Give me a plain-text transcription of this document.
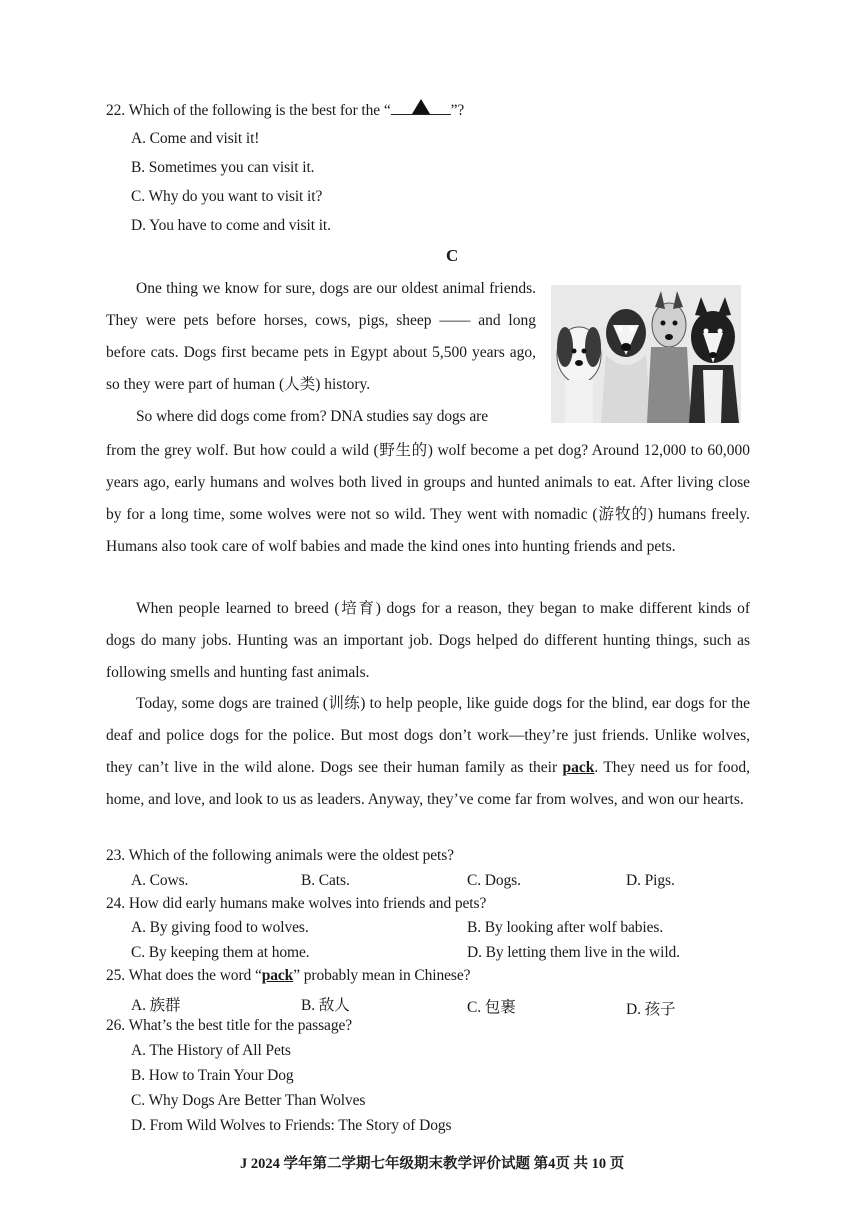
22. Which of the following is the best for the “	”?
A. Come and visit it!
B. Sometimes you can visit it.
C. Why do you want to visit it?
D. You have to come and visit it.
C
One thing we know for sure, dogs are our oldest animal friends. They were pets before horses, cows, pigs, sheep —— and long before cats. Dogs first became pets in Egypt about 5,500 years ago, so they were part of human (人类) history.
So where did dogs come from? DNA studies say dogs are
from the grey wolf. But how could a wild (野生的) wolf become a pet dog? Around 12,000 to 60,000 years ago, early humans and wolves both lived in groups and hunted animals to eat. After living close by for a long time, some wolves were not so wild. They went with nomadic (游牧的) humans freely. Humans also took care of wolf babies and made the kind ones into hunting friends and pets.
When people learned to breed (培育) dogs for a reason, they began to make different kinds of dogs do many jobs. Hunting was an important job. Dogs helped do different hunting things, such as following smells and hunting fast animals.
Today, some dogs are trained (训练) to help people, like guide dogs for the blind, ear dogs for the deaf and police dogs for the police. But most dogs don’t work—they’re just friends. Unlike wolves, they can’t live in the wild alone. Dogs see their human family as their pack. They need us for food, home, and love, and look to us as leaders. Anyway, they’ve come far from wolves, and won our hearts.
23. Which of the following animals were the oldest pets?
A. Cows.	B. Cats.	C. Dogs.	D. Pigs.
24. How did early humans make wolves into friends and pets?
A. By giving food to wolves.	B. By looking after wolf babies.
C. By keeping them at home.	D. By letting them live in the wild.
25. What does the word “pack” probably mean in Chinese?
A. 族群	B. 敌人	C. 包裹	D. 孩子
26. What’s the best title for the passage?
A. The History of All Pets
B. How to Train Your Dog
C. Why Dogs Are Better Than Wolves
D. From Wild Wolves to Friends: The Story of Dogs
J 2024 学年第二学期七年级期末教学评价试题 第4页 共 10 页
